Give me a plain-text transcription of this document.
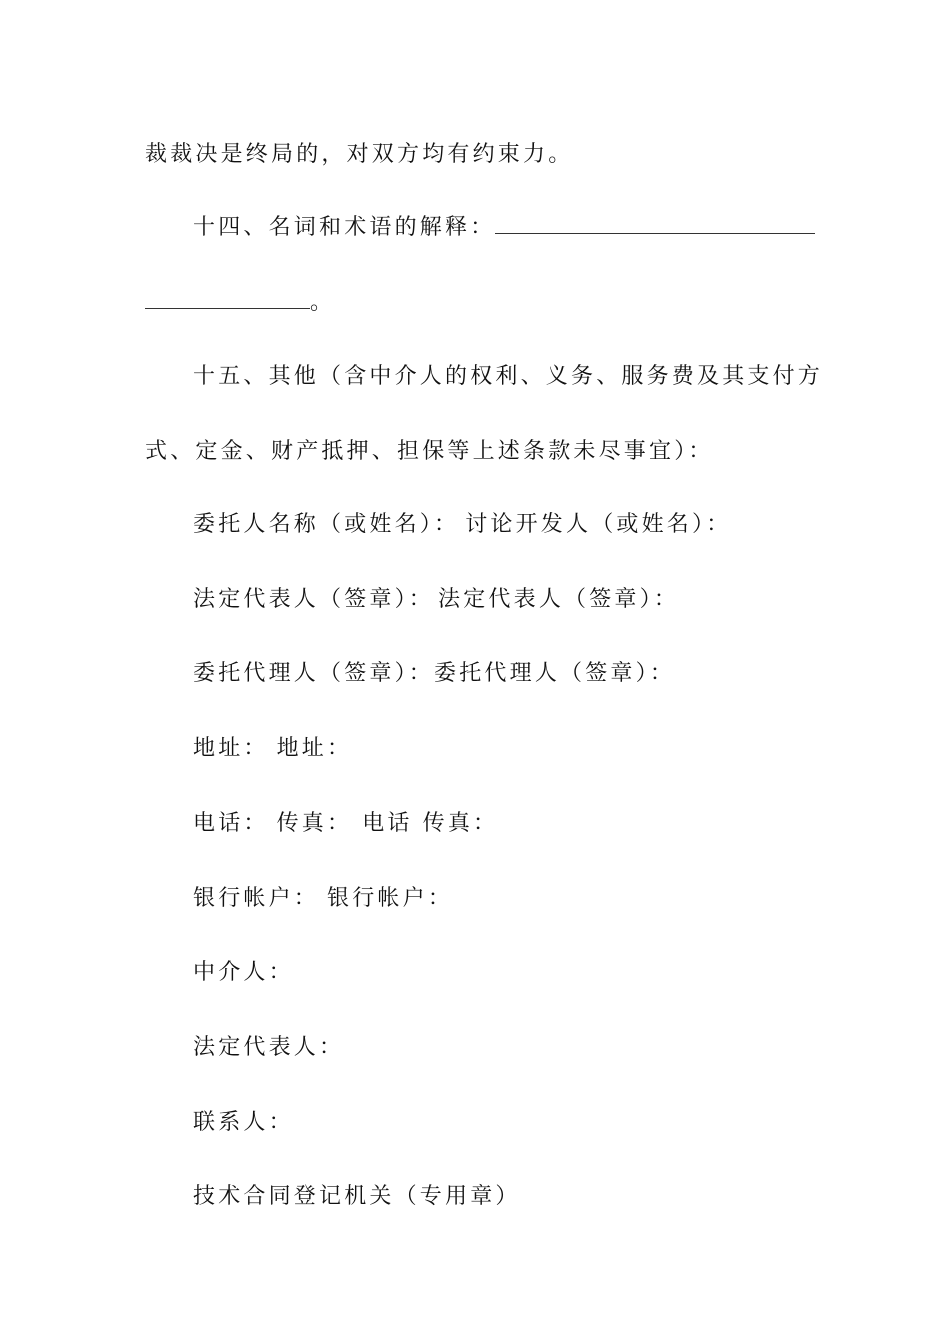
裁裁决是终局的，对双方均有约束力。
十四、名词和术语的解释：
。
十五、其他（含中介人的权利、义务、服务费及其支付方
式、定金、财产抵押、担保等上述条款未尽事宜）：
委托人名称（或姓名）： 讨论开发人（或姓名）：
法定代表人（签章）： 法定代表人（签章）：
委托代理人（签章）：委托代理人（签章）：
地址： 地址：
电话： 传真： 电话 传真：
银行帐户： 银行帐户：
中介人：
法定代表人：
联系人：
技术合同登记机关（专用章）
